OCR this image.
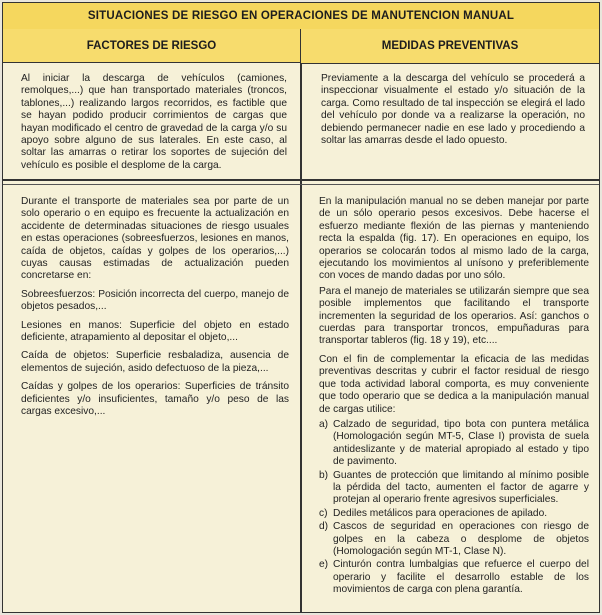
SITUACIONES DE RIESGO EN OPERACIONES DE MANUTENCION MANUAL
FACTORES DE RIESGO	MEDIDAS PREVENTIVAS

Al iniciar la descarga de vehículos (camiones, remolques,...) que han transportado materiales (troncos, tablones,...) realizando largos recorridos, es factible que se hayan podido producir corrimientos de cargas que hayan modificado el centro de gravedad de la carga y/o su apoyo sobre alguno de sus laterales. En este caso, al soltar las amarras o retirar los soportes de sujeción del vehículo es posible el desplome de la carga.

Previamente a la descarga del vehículo se procederá a inspeccionar visualmente el estado y/o situación de la carga. Como resultado de tal inspección se elegirá el lado del vehículo por donde va a realizarse la operación, no debiendo permanecer nadie en ese lado y procediendo a soltar las amarras desde el lado opuesto.

Durante el transporte de materiales sea por parte de un solo operario o en equipo es frecuente la actualización en accidente de determinadas situaciones de riesgo usuales en estas operaciones (sobreesfuerzos, lesiones en manos, caída de objetos, caídas y golpes de los operarios,...) cuyas causas estimadas de actualización pueden concretarse en:

Sobreesfuerzos: Posición incorrecta del cuerpo, manejo de objetos pesados,...

Lesiones en manos: Superficie del objeto en estado deficiente, atrapamiento al depositar el objeto,...

Caída de objetos: Superficie resbaladiza, ausencia de elementos de sujeción, asido defectuoso de la pieza,...

Caídas y golpes de los operarios: Superficies de tránsito deficientes y/o insuficientes, tamaño y/o peso de las cargas excesivo,...

En la manipulación manual no se deben manejar por parte de un sólo operario pesos excesivos. Debe hacerse el esfuerzo mediante flexión de las piernas y manteniendo recta la espalda (fig. 17). En operaciones en equipo, los operarios se colocarán todos al mismo lado de la carga, ejecutando los movimientos al unísono y preferiblemente con voces de mando dadas por uno sólo.

Para el manejo de materiales se utilizarán siempre que sea posible implementos que facilitando el transporte incrementen la seguridad de los operarios. Así: ganchos o cuerdas para transportar troncos, empuñaduras para transportar tableros (fig. 18 y 19), etc....

Con el fin de complementar la eficacia de las medidas preventivas descritas y cubrir el factor residual de riesgo que toda actividad laboral comporta, es muy conveniente que todo operario que se dedica a la manipulación manual de cargas utilice:

a) Calzado de seguridad, tipo bota con puntera metálica (Homologación según MT-5, Clase I) provista de suela antideslizante y de material apropiado al estado y tipo de pavimento.
b) Guantes de protección que limitando al mínimo posible la pérdida del tacto, aumenten el factor de agarre y protejan al operario frente agresivos superficiales.
c) Dediles metálicos para operaciones de apilado.
d) Cascos de seguridad en operaciones con riesgo de golpes en la cabeza o desplome de objetos (Homologación según MT-1, Clase N).
e) Cinturón contra lumbalgias que refuerce el cuerpo del operario y facilite el desarrollo estable de los movimientos de carga con plena garantía.
